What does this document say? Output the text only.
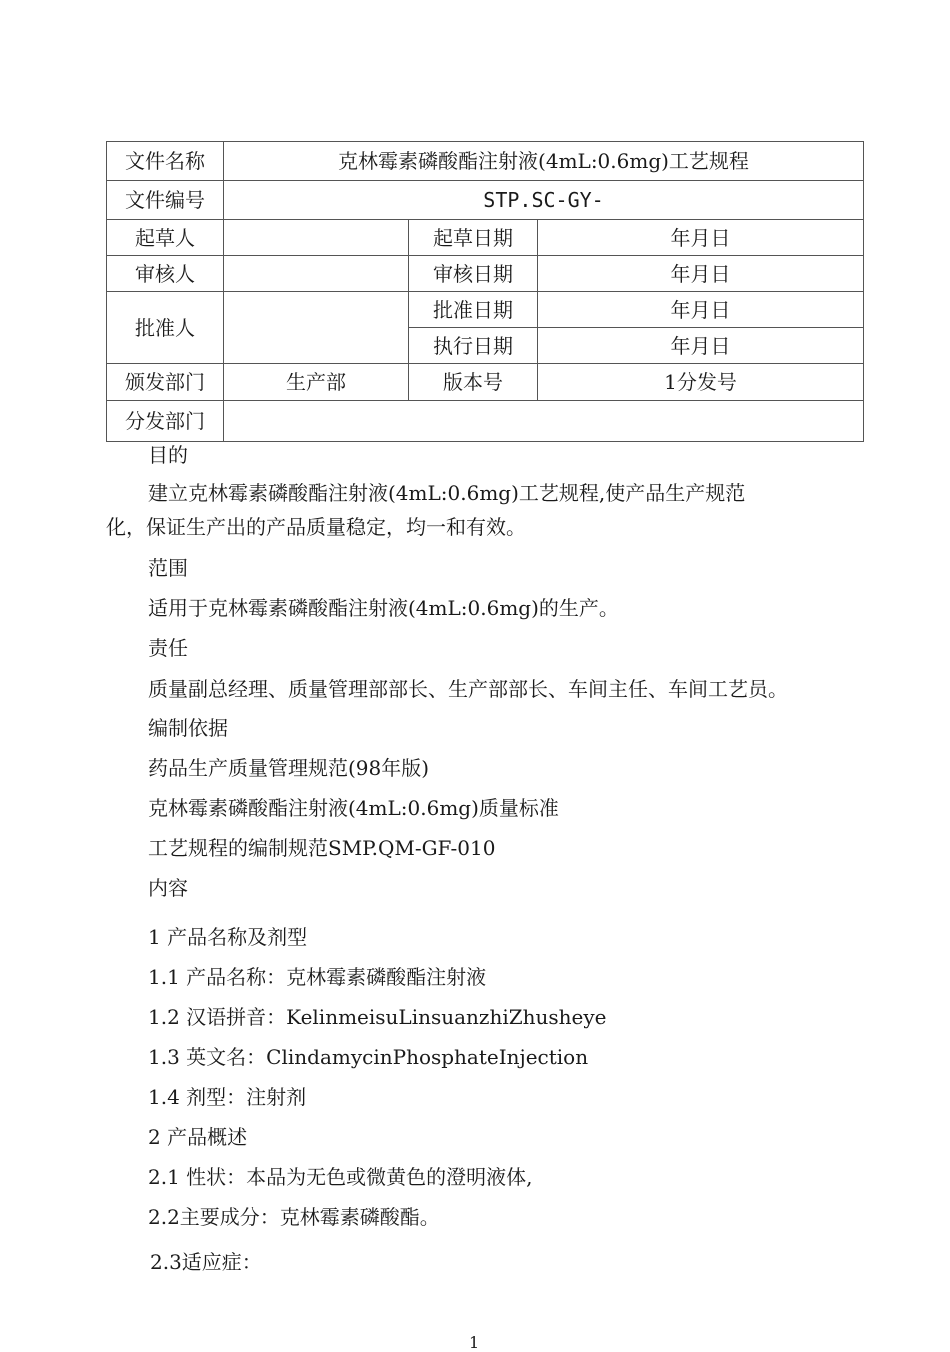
文件名称	克林霉素磷酸酯注射液(4mL:0.6mg)工艺规程		
文件编号	STP.SC-GY-		
起草人		起草日期	年月日
审核人		审核日期	年月日
批准人		批准日期	年月日
		执行日期	年月日
颁发部门	生产部	版本号	1分发号
分发部门			
目的
建立克林霉素磷酸酯注射液(4mL:0.6mg)工艺规程,使产品生产规范
化，保证生产出的产品质量稳定，均一和有效。
范围
适用于克林霉素磷酸酯注射液(4mL:0.6mg)的生产。
责任
质量副总经理、质量管理部部长、生产部部长、车间主任、车间工艺员。
编制依据
药品生产质量管理规范(98年版)
克林霉素磷酸酯注射液(4mL:0.6mg)质量标准
工艺规程的编制规范SMP.QM-GF-010
内容
1 产品名称及剂型
1.1 产品名称：克林霉素磷酸酯注射液
1.2 汉语拼音：KelinmeisuLinsuanzhiZhusheye
1.3 英文名：ClindamycinPhosphateInjection
1.4 剂型：注射剂
2 产品概述
2.1 性状：本品为无色或微黄色的澄明液体,
2.2主要成分：克林霉素磷酸酯。
2.3适应症：
1
